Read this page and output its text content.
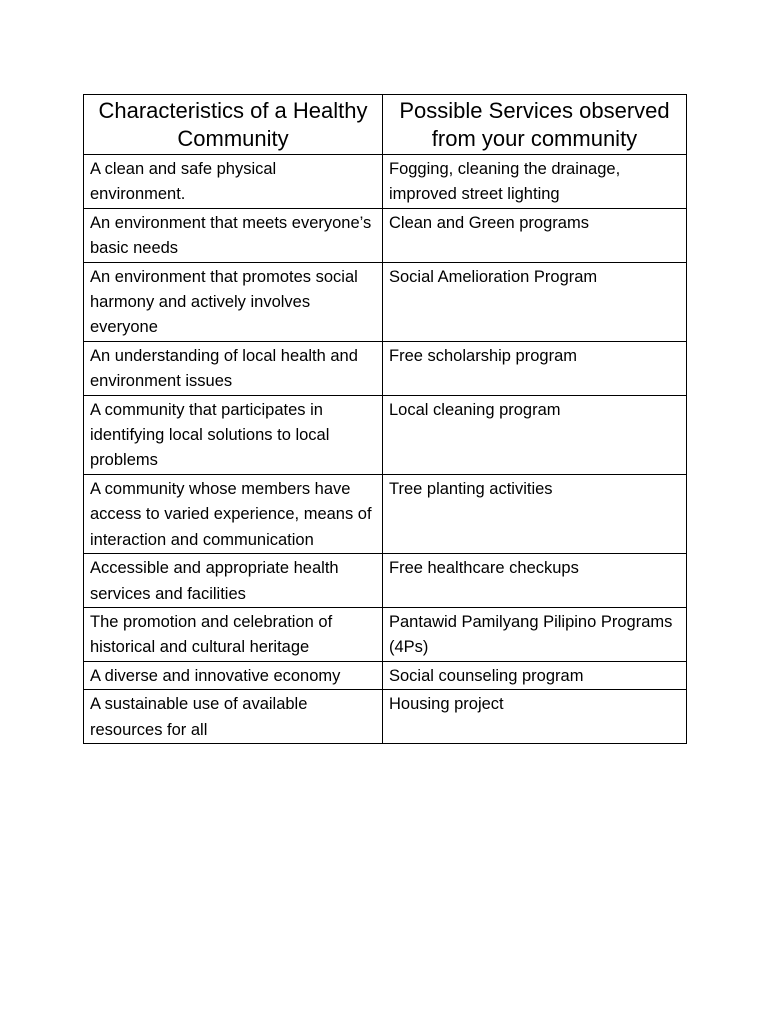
Characteristics of a Healthy Community	Possible Services observed from your community
A clean and safe physical environment.	Fogging, cleaning the drainage, improved street lighting
An environment that meets everyone’s basic needs	Clean and Green programs
An environment that promotes social harmony and actively involves everyone	Social Amelioration Program
An understanding of local health and environment issues	Free scholarship program
A community that participates in identifying local solutions to local problems	Local cleaning program
A community whose members have access to varied experience, means of interaction and communication	Tree planting activities
Accessible and appropriate health services and facilities	Free healthcare checkups
The promotion and celebration of historical and cultural heritage	Pantawid Pamilyang Pilipino Programs (4Ps)
A diverse and innovative economy	Social counseling program
A sustainable use of available resources for all	Housing project
